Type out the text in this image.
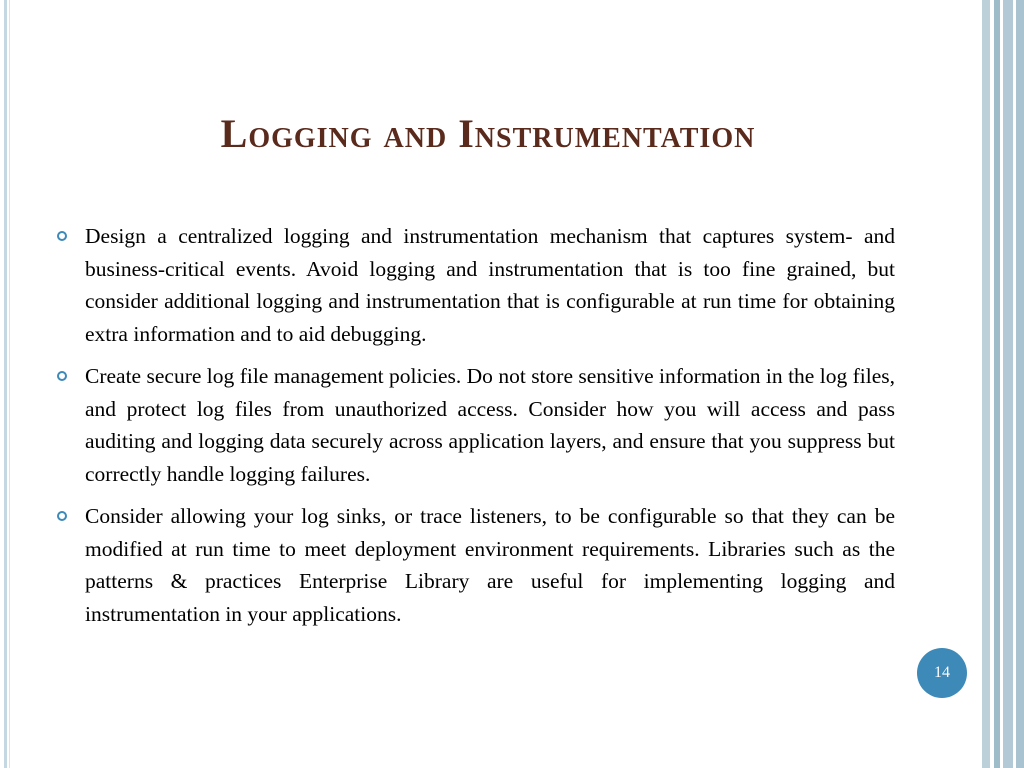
Logging and Instrumentation
Design a centralized logging and instrumentation mechanism that captures system- and business-critical events. Avoid logging and instrumentation that is too fine grained, but consider additional logging and instrumentation that is configurable at run time for obtaining extra information and to aid debugging.
Create secure log file management policies. Do not store sensitive information in the log files, and protect log files from unauthorized access. Consider how you will access and pass auditing and logging data securely across application layers, and ensure that you suppress but correctly handle logging failures.
Consider allowing your log sinks, or trace listeners, to be configurable so that they can be modified at run time to meet deployment environment requirements. Libraries such as the patterns & practices Enterprise Library are useful for implementing logging and instrumentation in your applications.
14
